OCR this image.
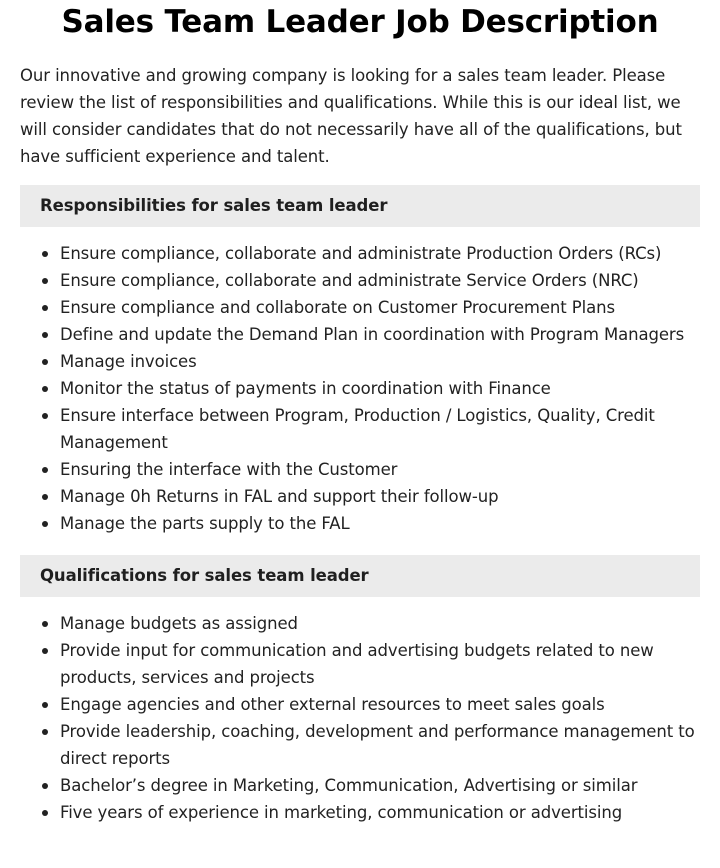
Sales Team Leader Job Description

Our innovative and growing company is looking for a sales team leader. Please review the list of responsibilities and qualifications. While this is our ideal list, we will consider candidates that do not necessarily have all of the qualifications, but have sufficient experience and talent.

Responsibilities for sales team leader
Ensure compliance, collaborate and administrate Production Orders (RCs)
Ensure compliance, collaborate and administrate Service Orders (NRC)
Ensure compliance and collaborate on Customer Procurement Plans
Define and update the Demand Plan in coordination with Program Managers
Manage invoices
Monitor the status of payments in coordination with Finance
Ensure interface between Program, Production / Logistics, Quality, Credit Management
Ensuring the interface with the Customer
Manage 0h Returns in FAL and support their follow-up
Manage the parts supply to the FAL
Qualifications for sales team leader
Manage budgets as assigned
Provide input for communication and advertising budgets related to new products, services and projects
Engage agencies and other external resources to meet sales goals
Provide leadership, coaching, development and performance management to direct reports
Bachelor’s degree in Marketing, Communication, Advertising or similar
Five years of experience in marketing, communication or advertising
